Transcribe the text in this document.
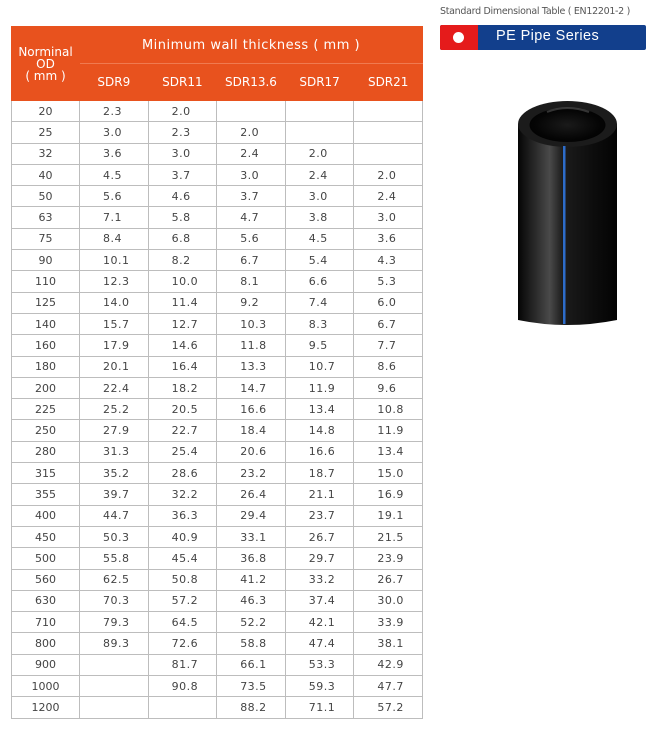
Standard Dimensional Table ( EN12201-2 )
PE Pipe Series
Norminal
OD
( mm )	Minimum wall thickness ( mm )				
	SDR9	SDR11	SDR13.6	SDR17	SDR21
20	2.3	2.0			
25	3.0	2.3	2.0		
32	3.6	3.0	2.4	2.0	
40	4.5	3.7	3.0	2.4	2.0
50	5.6	4.6	3.7	3.0	2.4
63	7.1	5.8	4.7	3.8	3.0
75	8.4	6.8	5.6	4.5	3.6
90	10.1	8.2	6.7	5.4	4.3
110	12.3	10.0	8.1	6.6	5.3
125	14.0	11.4	9.2	7.4	6.0
140	15.7	12.7	10.3	8.3	6.7
160	17.9	14.6	11.8	9.5	7.7
180	20.1	16.4	13.3	10.7	8.6
200	22.4	18.2	14.7	11.9	9.6
225	25.2	20.5	16.6	13.4	10.8
250	27.9	22.7	18.4	14.8	11.9
280	31.3	25.4	20.6	16.6	13.4
315	35.2	28.6	23.2	18.7	15.0
355	39.7	32.2	26.4	21.1	16.9
400	44.7	36.3	29.4	23.7	19.1
450	50.3	40.9	33.1	26.7	21.5
500	55.8	45.4	36.8	29.7	23.9
560	62.5	50.8	41.2	33.2	26.7
630	70.3	57.2	46.3	37.4	30.0
710	79.3	64.5	52.2	42.1	33.9
800	89.3	72.6	58.8	47.4	38.1
900		81.7	66.1	53.3	42.9
1000		90.8	73.5	59.3	47.7
1200			88.2	71.1	57.2
